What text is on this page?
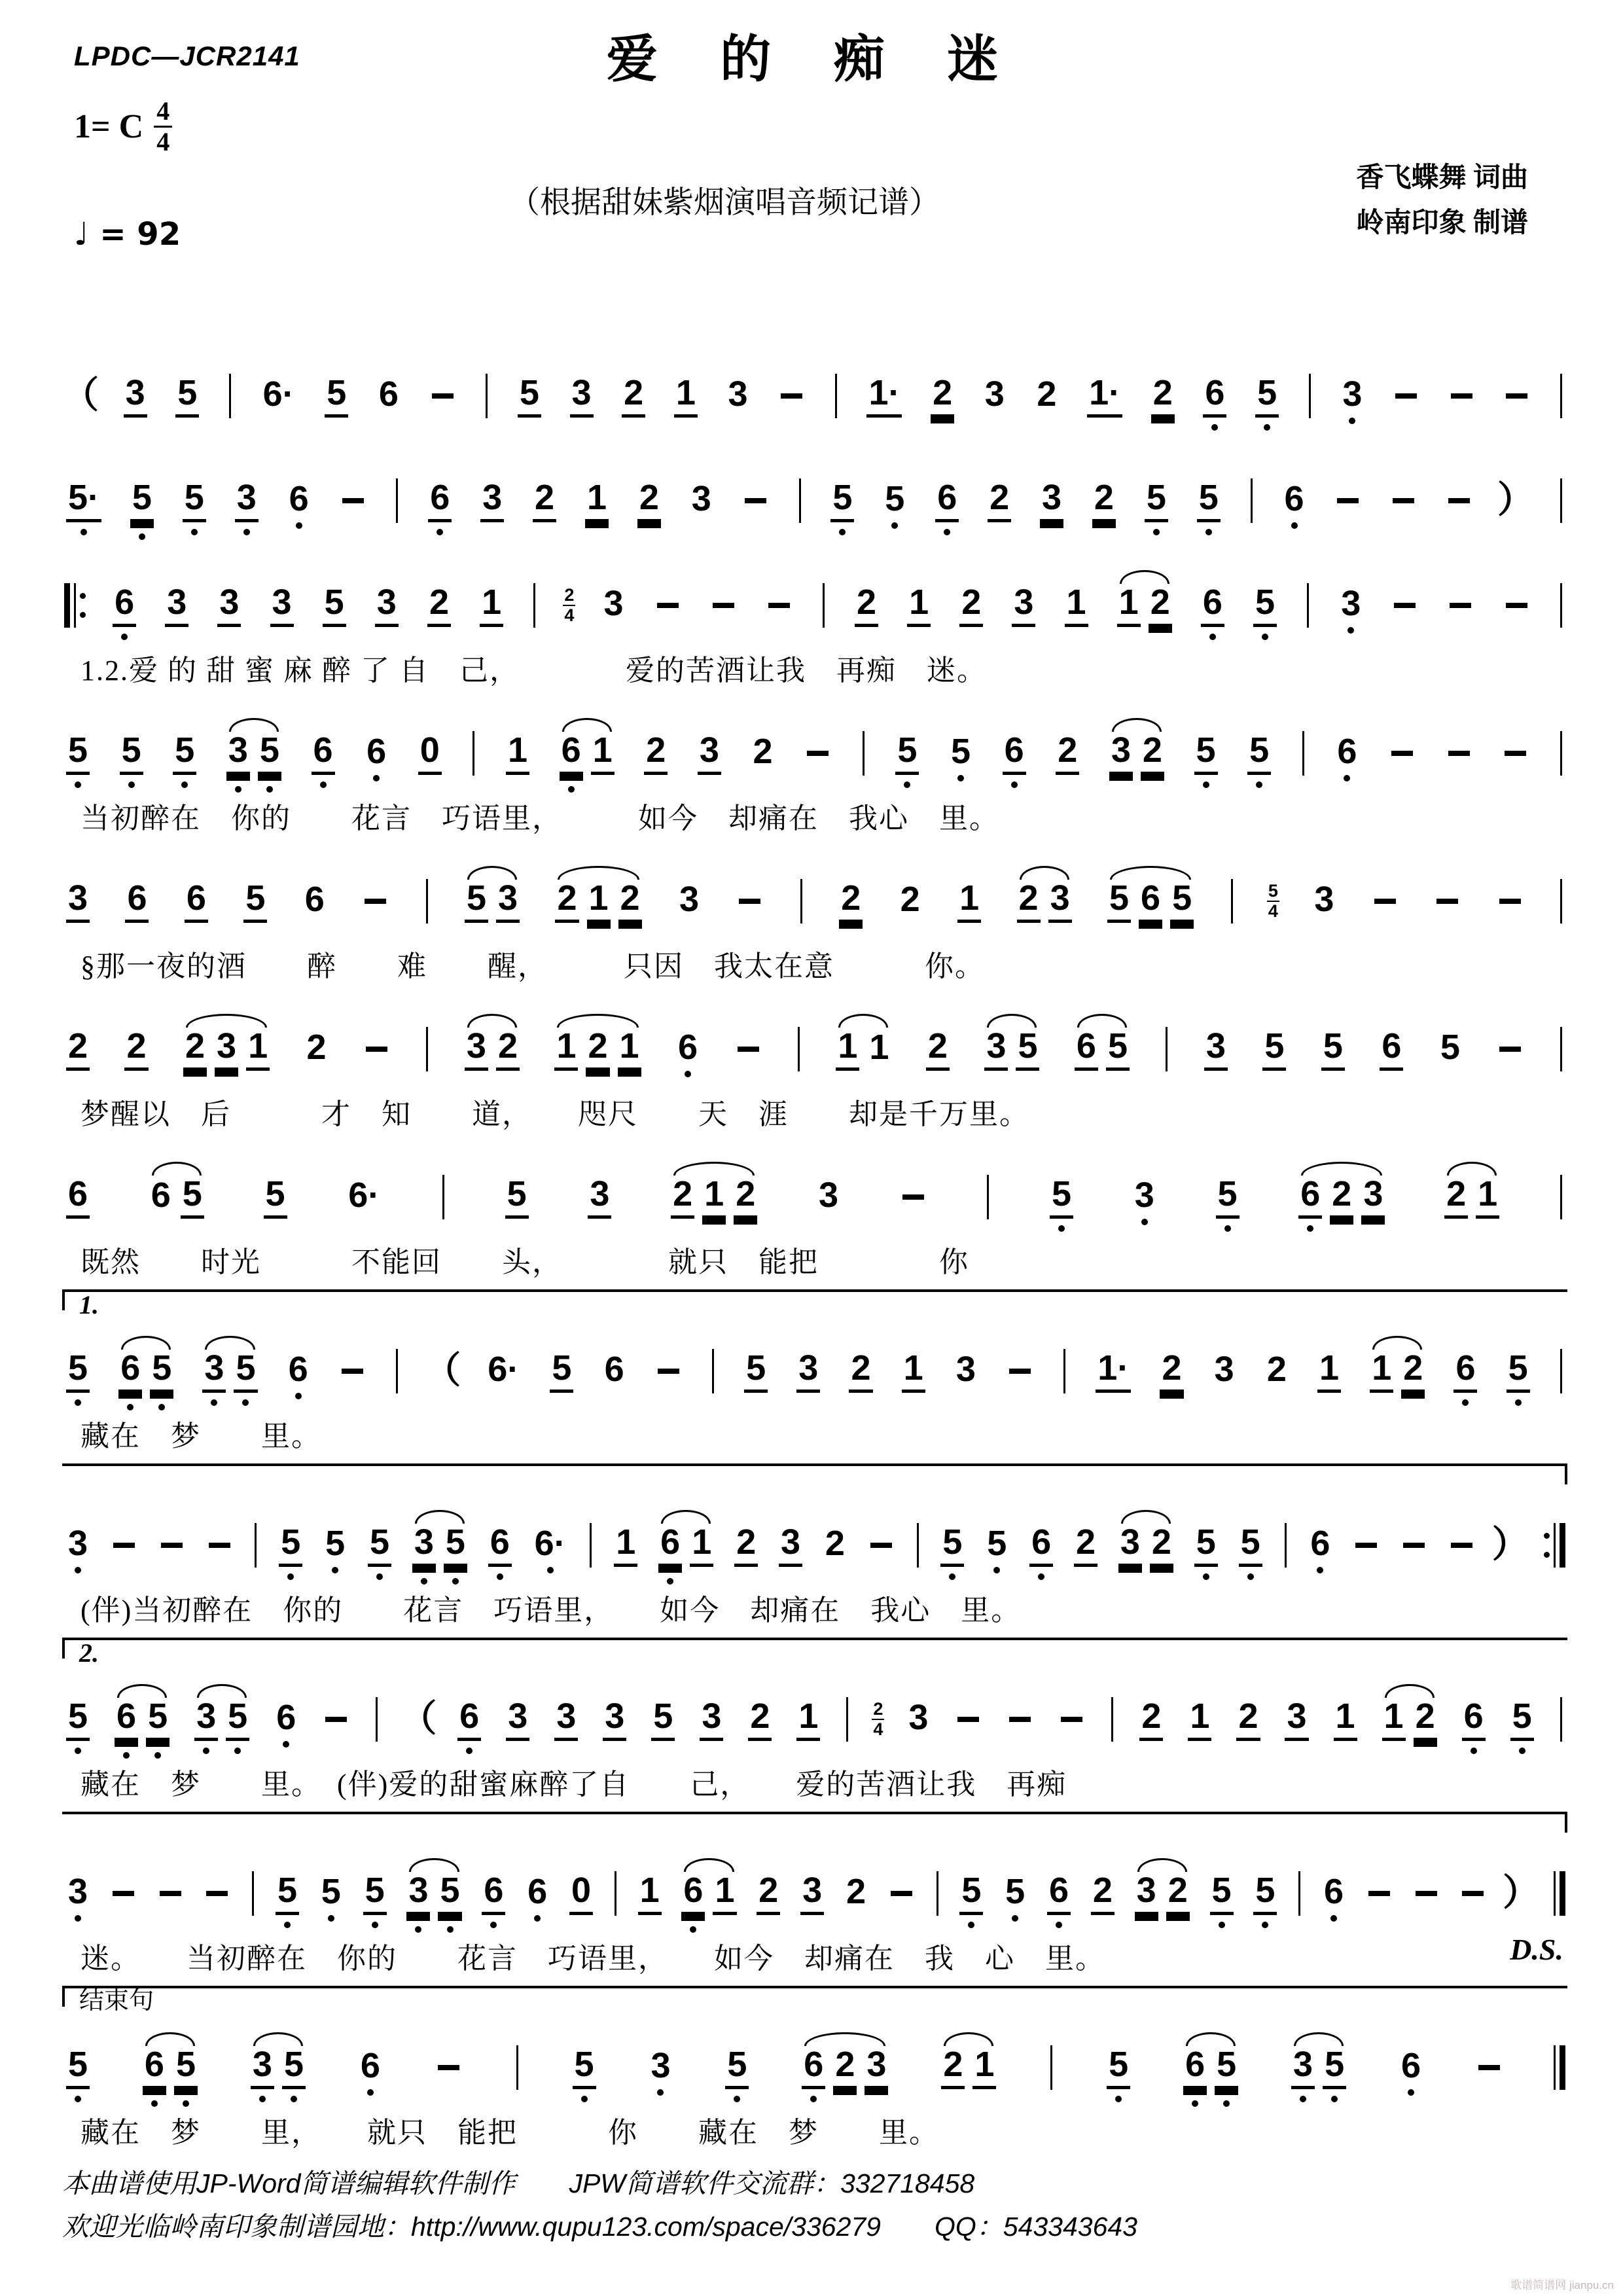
LPDC—JCR2141	爱 的 痴 迷
1= C $\frac{4}{4}$
♩ = 92
（根据甜妹紫烟演唱音频记谱）
香飞蝶舞 词曲
岭南印象 制谱
（ 3 5 6· 5 6	5 3 2 1 3	1· 2 3 2 1· 2 6 5 3
5· 5 5 3 6	6 3 2 1 2 3	5 5 6 2 3 2 5 5 6	）
6 3 3 3 5 3 2 1	2
4 3	2 1 2 3 1 1 2 6 5 3
1.2.爱 的 甜 蜜 麻 醉 了 自　己，　　　　爱的苦酒让我　再痴　迷。
5 5 5 3 5 6 6 0 1 6 1 2 3 2	5 5 6 2 3 2 5 5 6
当初醉在　你的　　花言　巧语里，　　　如今　却痛在　我心　里。
3 6 6 5 6	5 3 2 1 2 3	2 2 1 2 3 5 6 5	5
4 3
§那一夜的酒　　醉　　难　　醒，　　　只因　我太在意　　　你。
2 2 2 3 1 2	3 2 1 2 1 6	1 1 2 3 5 6 5 3 5 5 6 5
梦醒以　后　　　才　知　　道，　　咫尺　　天　涯　　却是千万里。
6 6 5 5 6·	5 3 2 1 2 3	5 3 5 6 2 3 2 1
既然　　时光　　　不能回　　头，　　　　就只　能把　　　　你
1.
5 6 5 3 5 6	（ 6· 5 6	5 3 2 1 3	1· 2 3 2 1 1 2 6 5
藏在　梦　　里。
3	5 5 5 3 5 6 6· 1 6 1 2 3 2	5 5 6 2 3 2 5 5 6	）
(伴)当初醉在　你的　　花言　巧语里，　　如今　却痛在　我心　里。
2.
5 6 5 3 5 6	（ 6 3 3 3 5 3 2 1	2
4 3	2 1 2 3 1 1 2 6 5
藏在　梦　　里。　(伴)爱的甜蜜麻醉了自　　己，　　爱的苦酒让我　再痴
3	5 5 5 3 5 6 6 0 1 6 1 2 3 2	5 5 6 2 3 2 5 5 6	）
迷。　　当初醉在　你的　　花言　巧语里，　　如今　却痛在　我　心　里。	D.S.
结束句
5 6 5 3 5 6	5 3 5 6 2 3 2 1	5 6 5 3 5 6
藏在　梦　　里，　　就只　能把　　　你　　藏在　梦　　里。
本曲谱使用JP-Word简谱编辑软件制作　　JPW简谱软件交流群：332718458
欢迎光临岭南印象制谱园地：http://www.qupu123.com/space/336279　　QQ：543343643
歌谱简谱网 jianpu.cn
